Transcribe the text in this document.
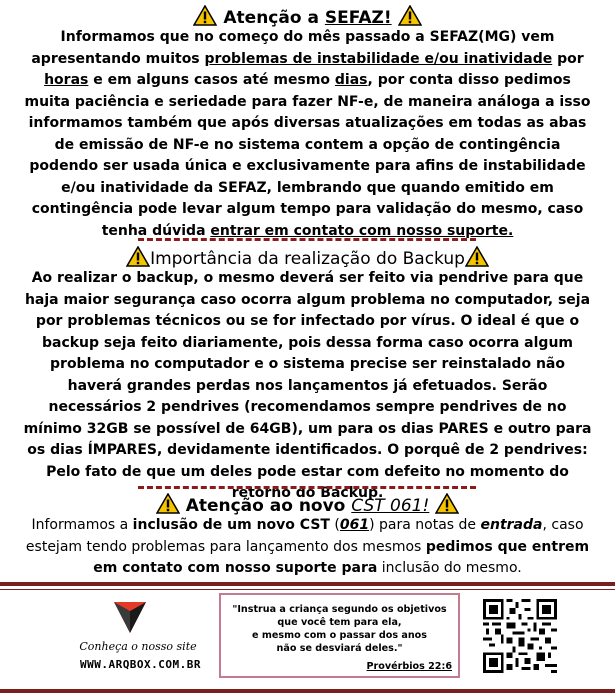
Atenção a SEFAZ!
Informamos que no começo do mês passado a SEFAZ(MG) vem apresentando muitos problemas de instabilidade e/ou inatividade por horas e em alguns casos até mesmo dias, por conta disso pedimos muita paciência e seriedade para fazer NF-e, de maneira análoga a isso informamos também que após diversas atualizações em todas as abas de emissão de NF-e no sistema contem a opção de contingência podendo ser usada única e exclusivamente para afins de instabilidade e/ou inatividade da SEFAZ, lembrando que quando emitido em contingência pode levar algum tempo para validação do mesmo, caso tenha dúvida entrar em contato com nosso suporte.
Importância da realização do Backup
Ao realizar o backup, o mesmo deverá ser feito via pendrive para que haja maior segurança caso ocorra algum problema no computador, seja por problemas técnicos ou se for infectado por vírus. O ideal é que o backup seja feito diariamente, pois dessa forma caso ocorra algum problema no computador e o sistema precise ser reinstalado não haverá grandes perdas nos lançamentos já efetuados. Serão necessários 2 pendrives (recomendamos sempre pendrives de no mínimo 32GB se possível de 64GB), um para os dias PARES e outro para os dias ÍMPARES, devidamente identificados. O porquê de 2 pendrives: Pelo fato de que um deles pode estar com defeito no momento do retorno do Backup.
Atenção ao novo CST 061!
Informamos a inclusão de um novo CST (061) para notas de entrada, caso estejam tendo problemas para lançamento dos mesmos pedimos que entrem em contato com nosso suporte para inclusão do mesmo.
Conheça o nosso site
WWW.ARQBOX.COM.BR
"Instrua a criança segundo os objetivos
que você tem para ela,
e mesmo com o passar dos anos
não se desviará deles."
Provérbios 22:6
